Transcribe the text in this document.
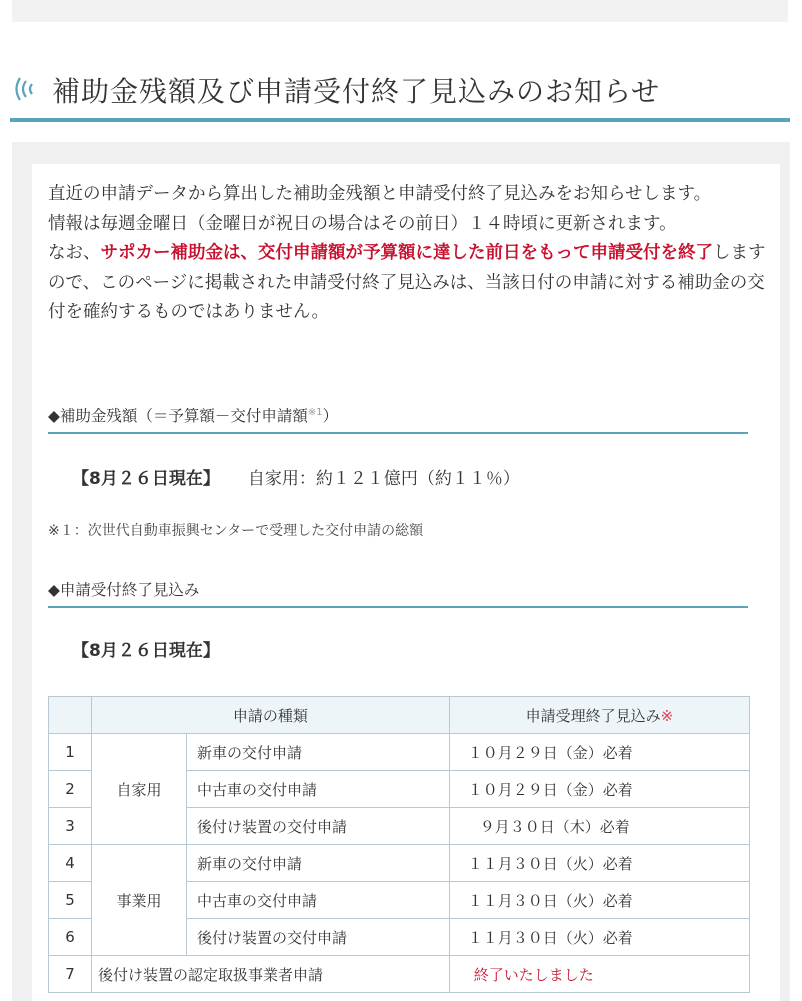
補助金残額及び申請受付終了見込みのお知らせ

直近の申請データから算出した補助金残額と申請受付終了見込みをお知らせします。

情報は毎週金曜日（金曜日が祝日の場合はその前日）１４時頃に更新されます。

なお、サポカー補助金は、交付申請額が予算額に達した前日をもって申請受付を終了しますので、このページに掲載された申請受付終了見込みは、当該日付の申請に対する補助金の交付を確約するものではありません。

◆補助金残額（＝予算額－交付申請額$^{※1}$）
【8月２６日現在】 自家用：約１２１億円（約１１％）
※１：次世代自動車振興センターで受理した交付申請の総額
◆申請受付終了見込み
【8月２６日現在】
	申請の種類		申請受理終了見込み※
1	自家用	新車の交付申請	１０月２９日（金）必着
2		中古車の交付申請	１０月２９日（金）必着
3		後付け装置の交付申請	９月３０日（木）必着
4	事業用	新車の交付申請	１１月３０日（火）必着
5		中古車の交付申請	１１月３０日（火）必着
6		後付け装置の交付申請	１１月３０日（火）必着
7	後付け装置の認定取扱事業者申請		終了いたしました
